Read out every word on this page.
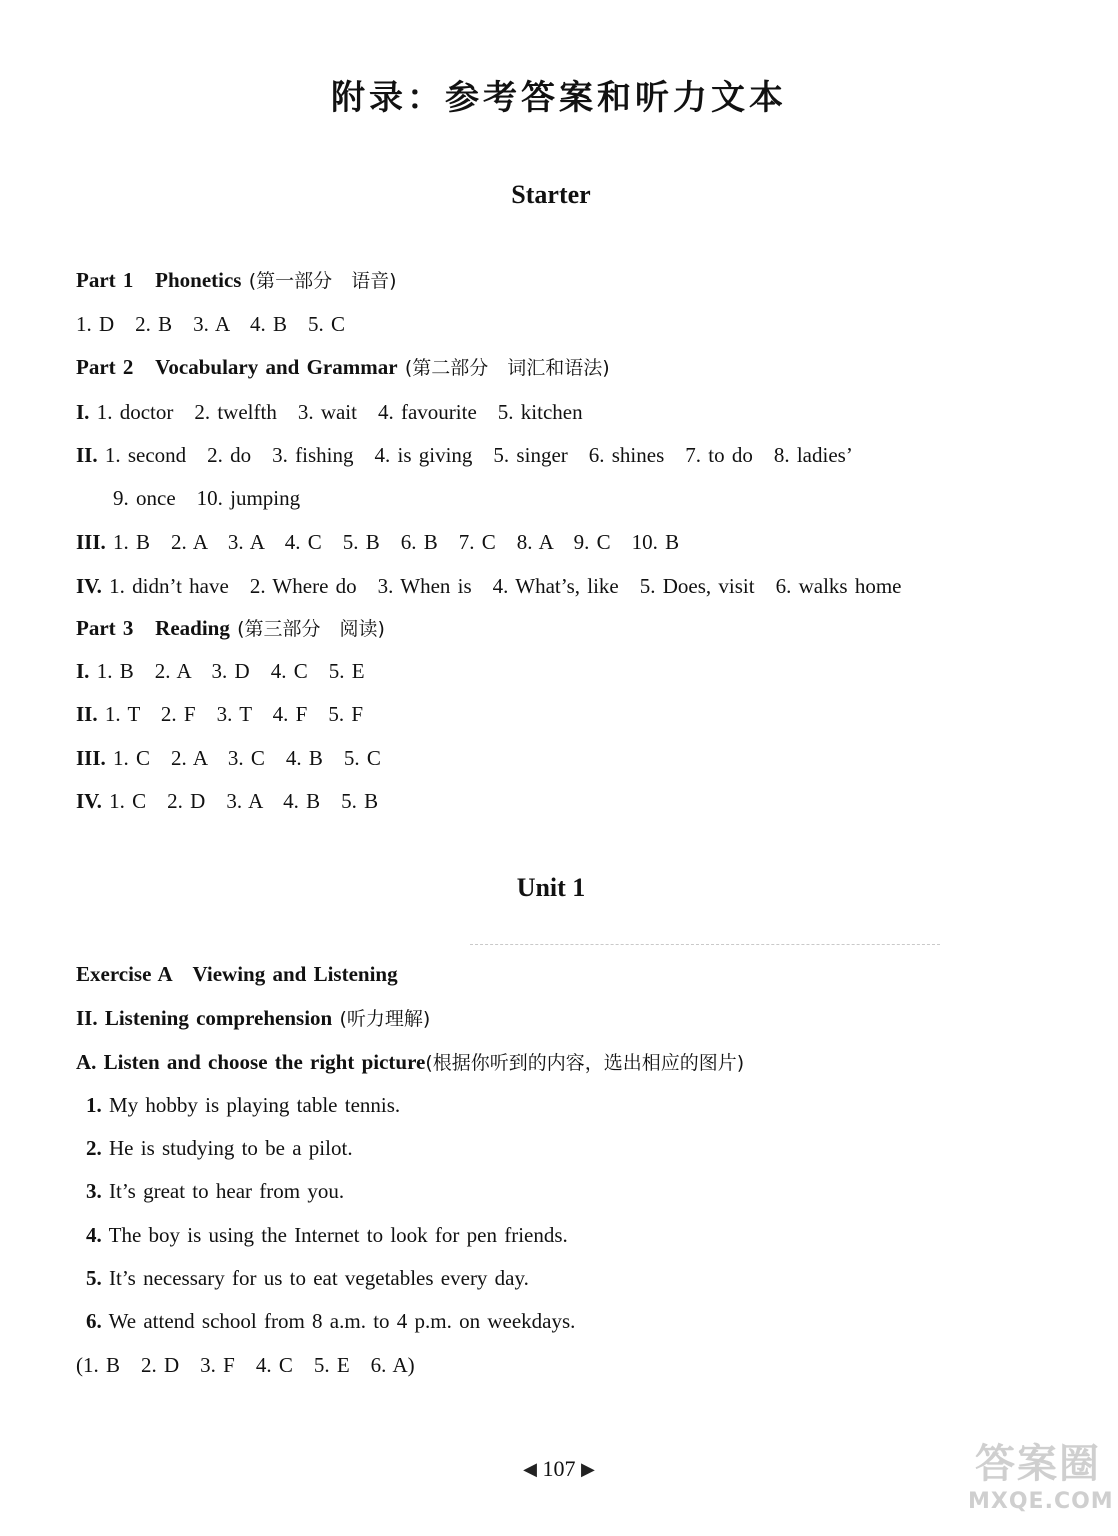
附录：参考答案和听力文本
Starter
Part 1 Phonetics (第一部分　语音)
1. D　2. B　3. A　4. B　5. C
Part 2 Vocabulary and Grammar (第二部分　词汇和语法)
I. 1. doctor　2. twelfth　3. wait　4. favourite　5. kitchen
II. 1. second　2. do　3. fishing　4. is giving　5. singer　6. shines　7. to do　8. ladies’
9. once　10. jumping
III. 1. B　2. A　3. A　4. C　5. B　6. B　7. C　8. A　9. C　10. B
IV. 1. didn’t have　2. Where do　3. When is　4. What’s, like　5. Does, visit　6. walks home
Part 3 Reading (第三部分　阅读)
I. 1. B　2. A　3. D　4. C　5. E
II. 1. T　2. F　3. T　4. F　5. F
III. 1. C　2. A　3. C　4. B　5. C
IV. 1. C　2. D　3. A　4. B　5. B
Unit 1
Exercise A　Viewing and Listening
II. Listening comprehension (听力理解)
A. Listen and choose the right picture(根据你听到的内容，选出相应的图片)
1. My hobby is playing table tennis.
2. He is studying to be a pilot.
3. It’s great to hear from you.
4. The boy is using the Internet to look for pen friends.
5. It’s necessary for us to eat vegetables every day.
6. We attend school from 8 a.m. to 4 p.m. on weekdays.
(1. B　2. D　3. F　4. C　5. E　6. A)
◀ 107 ▶	答案圈
MXQE.COM
